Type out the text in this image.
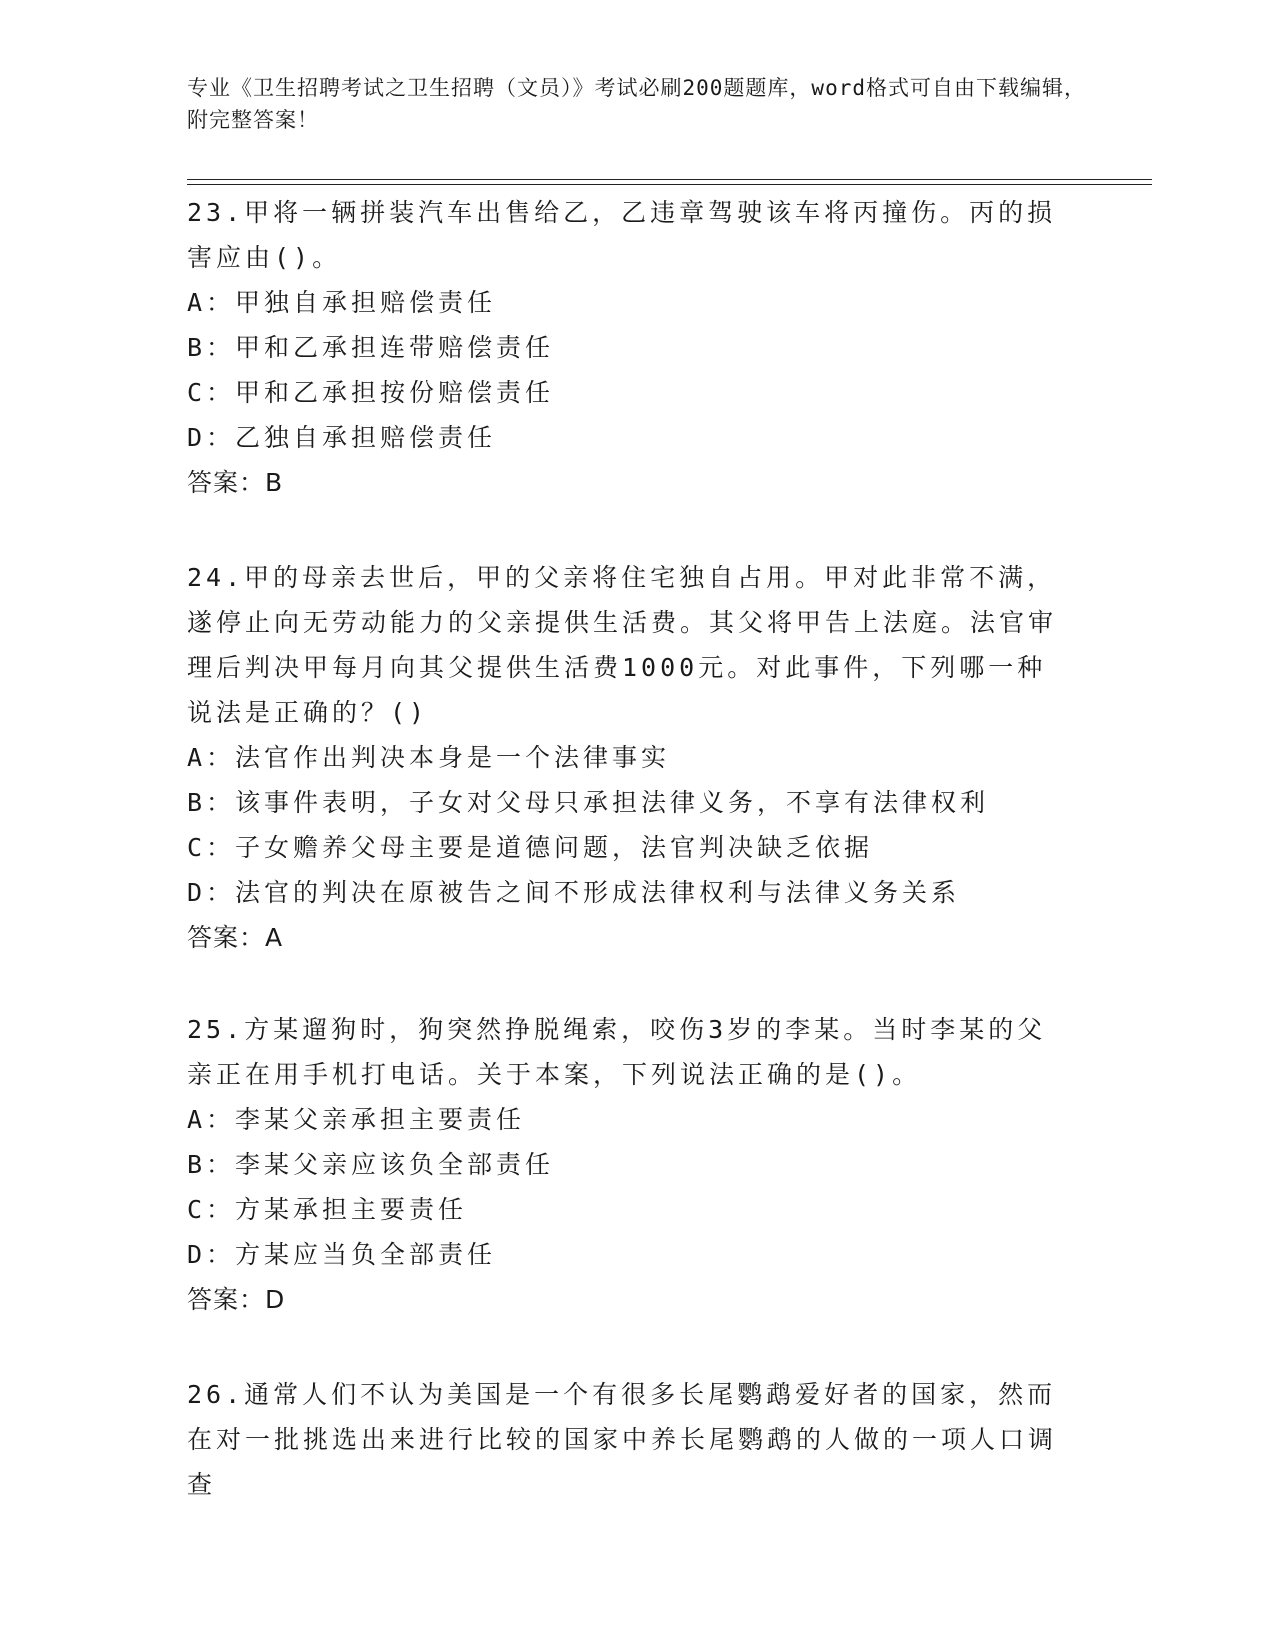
专业《卫生招聘考试之卫生招聘（文员）》考试必刷200题题库，word格式可自由下载编辑，附完整答案！

23.甲将一辆拼装汽车出售给乙，乙违章驾驶该车将丙撞伤。丙的损害应由()。

A：甲独自承担赔偿责任

B：甲和乙承担连带赔偿责任

C：甲和乙承担按份赔偿责任

D：乙独自承担赔偿责任

答案：B

24.甲的母亲去世后，甲的父亲将住宅独自占用。甲对此非常不满，遂停止向无劳动能力的父亲提供生活费。其父将甲告上法庭。法官审理后判决甲每月向其父提供生活费1000元。对此事件，下列哪一种说法是正确的？()

A：法官作出判决本身是一个法律事实

B：该事件表明，子女对父母只承担法律义务，不享有法律权利

C：子女赡养父母主要是道德问题，法官判决缺乏依据

D：法官的判决在原被告之间不形成法律权利与法律义务关系

答案：A

25.方某遛狗时，狗突然挣脱绳索，咬伤3岁的李某。当时李某的父亲正在用手机打电话。关于本案，下列说法正确的是()。

A：李某父亲承担主要责任

B：李某父亲应该负全部责任

C：方某承担主要责任

D：方某应当负全部责任

答案：D

26.通常人们不认为美国是一个有很多长尾鹦鹉爱好者的国家，然而在对一批挑选出来进行比较的国家中养长尾鹦鹉的人做的一项人口调查
